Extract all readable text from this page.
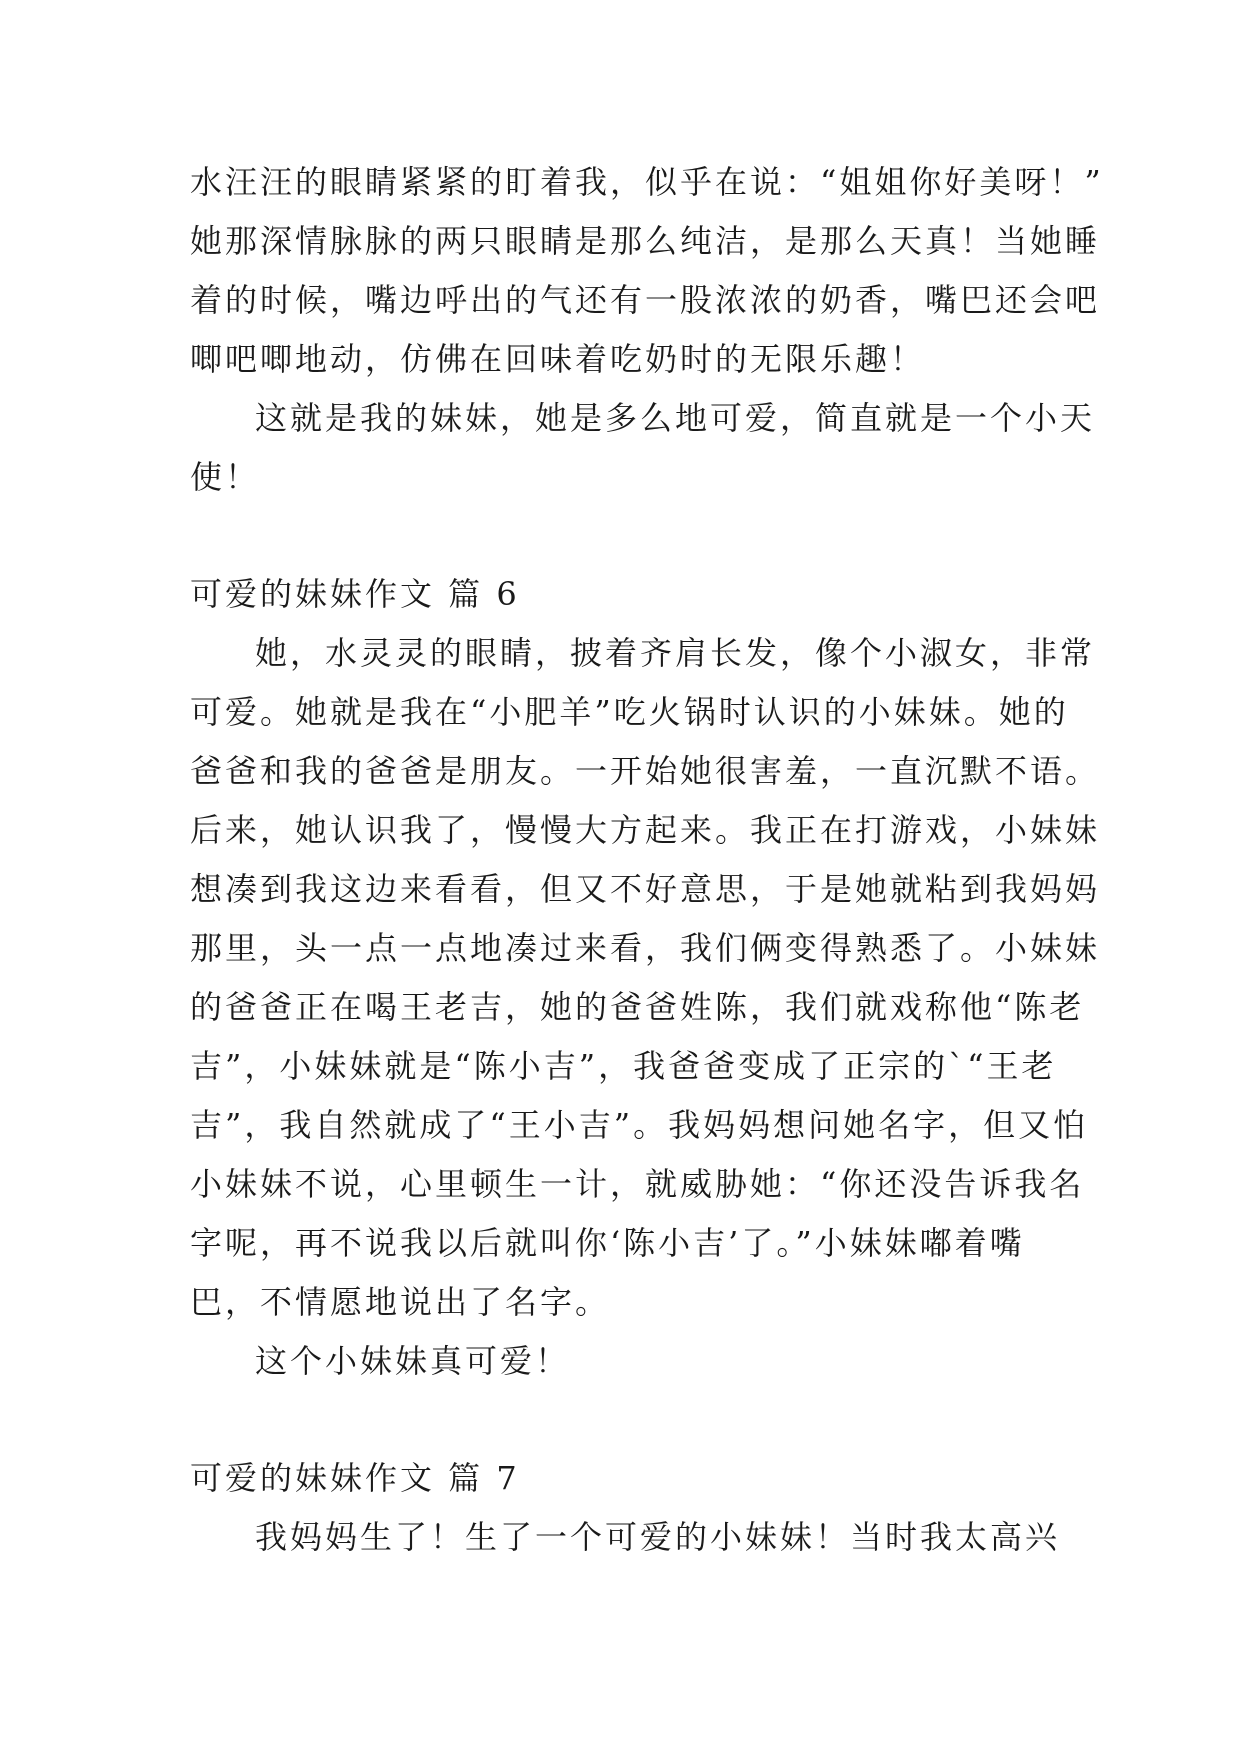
水汪汪的眼睛紧紧的盯着我，似乎在说：“姐姐你好美呀！”
她那深情脉脉的两只眼睛是那么纯洁，是那么天真！当她睡
着的时候，嘴边呼出的气还有一股浓浓的奶香，嘴巴还会吧
唧吧唧地动，仿佛在回味着吃奶时的无限乐趣！
这就是我的妹妹，她是多么地可爱，简直就是一个小天
使！
可爱的妹妹作文 篇 6
她，水灵灵的眼睛，披着齐肩长发，像个小淑女，非常
可爱。她就是我在“小肥羊”吃火锅时认识的小妹妹。她的
爸爸和我的爸爸是朋友。一开始她很害羞，一直沉默不语。
后来，她认识我了，慢慢大方起来。我正在打游戏，小妹妹
想凑到我这边来看看，但又不好意思，于是她就粘到我妈妈
那里，头一点一点地凑过来看，我们俩变得熟悉了。小妹妹
的爸爸正在喝王老吉，她的爸爸姓陈，我们就戏称他“陈老
吉”，小妹妹就是“陈小吉”，我爸爸变成了正宗的`“王老
吉”，我自然就成了“王小吉”。我妈妈想问她名字，但又怕
小妹妹不说，心里顿生一计，就威胁她：“你还没告诉我名
字呢，再不说我以后就叫你‘陈小吉’了。”小妹妹嘟着嘴
巴，不情愿地说出了名字。
这个小妹妹真可爱！
可爱的妹妹作文 篇 7
我妈妈生了！生了一个可爱的小妹妹！当时我太高兴
